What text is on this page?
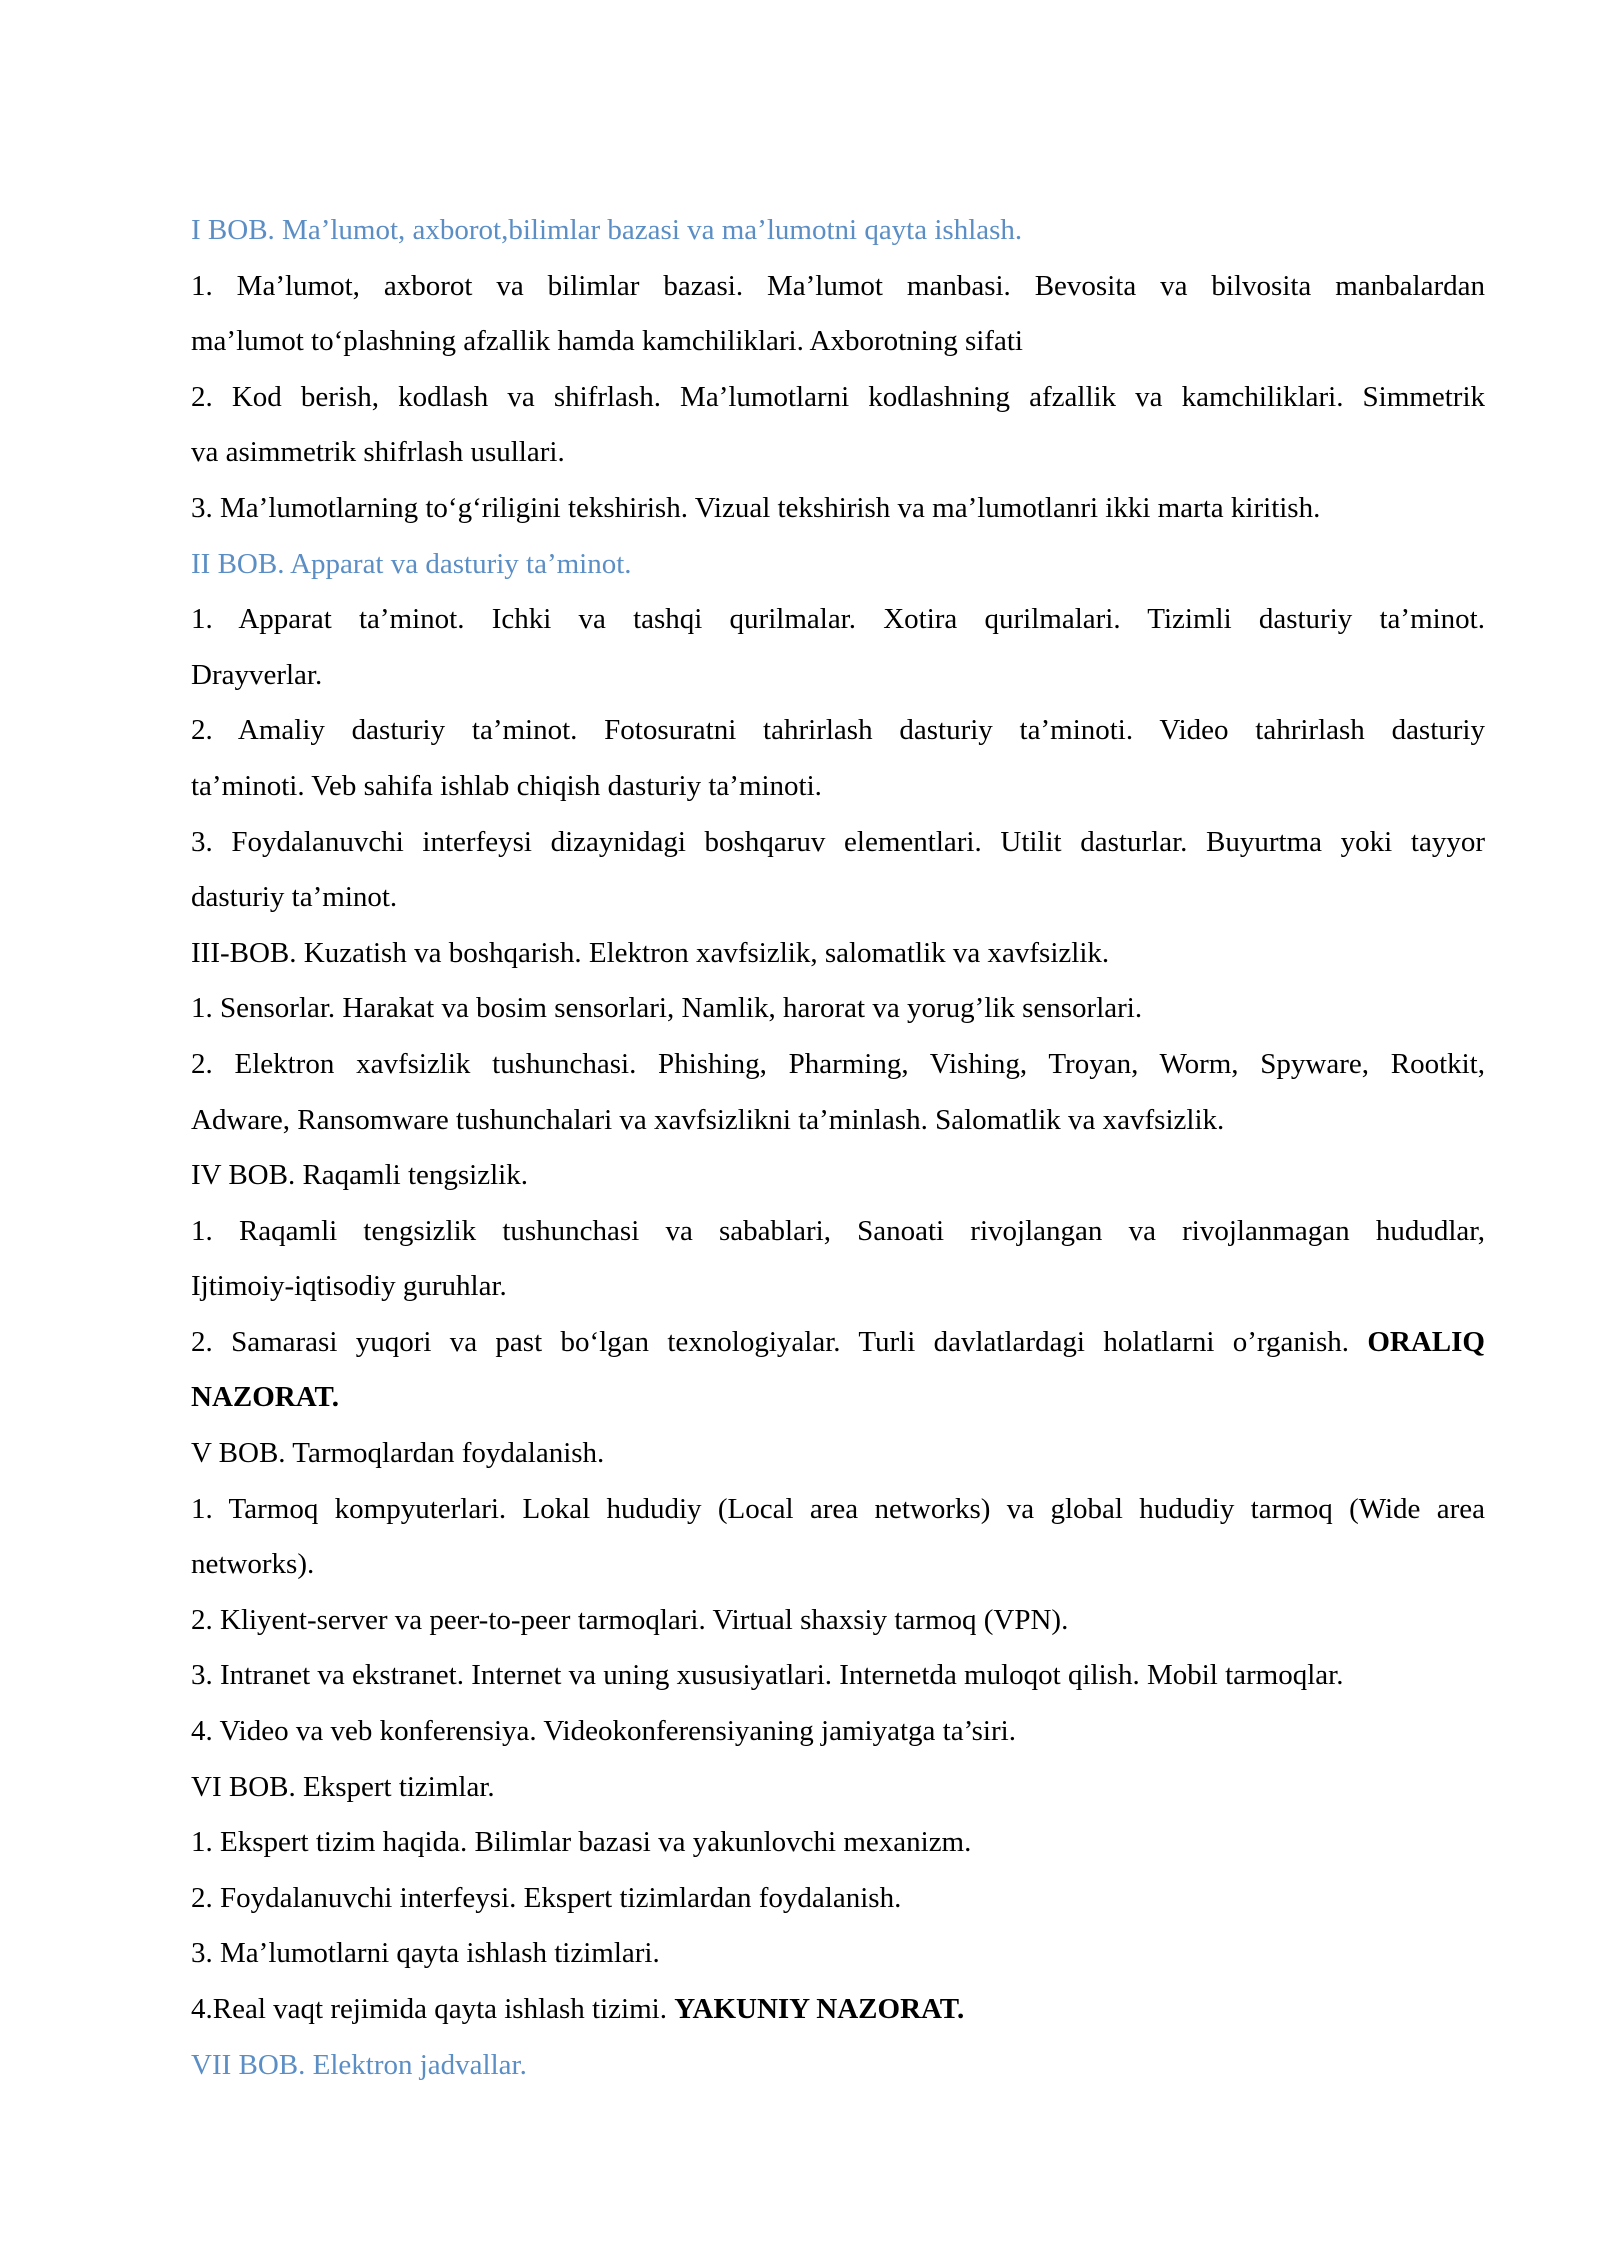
I BOB. Ma’lumot, axborot,bilimlar bazasi va ma’lumotni qayta ishlash.
1. Ma’lumot, axborot va bilimlar bazasi. Ma’lumot manbasi. Bevosita va bilvosita manbalardan
ma’lumot to‘plashning afzallik hamda kamchiliklari. Axborotning sifati
2. Kod berish, kodlash va shifrlash. Ma’lumotlarni kodlashning afzallik va kamchiliklari. Simmetrik
va asimmetrik shifrlash usullari.
3. Ma’lumotlarning to‘g‘riligini tekshirish. Vizual tekshirish va ma’lumotlanri ikki marta kiritish.
II BOB. Apparat va dasturiy ta’minot.
1. Apparat ta’minot. Ichki va tashqi qurilmalar. Xotira qurilmalari. Tizimli dasturiy ta’minot.
Drayverlar.
2. Amaliy dasturiy ta’minot. Fotosuratni tahrirlash dasturiy ta’minoti. Video tahrirlash dasturiy
ta’minoti. Veb sahifa ishlab chiqish dasturiy ta’minoti.
3. Foydalanuvchi interfeysi dizaynidagi boshqaruv elementlari. Utilit dasturlar. Buyurtma yoki tayyor
dasturiy ta’minot.
III-BOB. Kuzatish va boshqarish. Elektron xavfsizlik, salomatlik va xavfsizlik.
1. Sensorlar. Harakat va bosim sensorlari, Namlik, harorat va yorug’lik sensorlari.
2. Elektron xavfsizlik tushunchasi. Phishing, Pharming, Vishing, Troyan, Worm, Spyware, Rootkit,
Adware, Ransomware tushunchalari va xavfsizlikni ta’minlash. Salomatlik va xavfsizlik.
IV BOB. Raqamli tengsizlik.
1. Raqamli tengsizlik tushunchasi va sabablari, Sanoati rivojlangan va rivojlanmagan hududlar,
Ijtimoiy-iqtisodiy guruhlar.
2. Samarasi yuqori va past bo‘lgan texnologiyalar. Turli davlatlardagi holatlarni o’rganish. ORALIQ
NAZORAT.
V BOB. Tarmoqlardan foydalanish.
1. Tarmoq kompyuterlari. Lokal hududiy (Local area networks) va global hududiy tarmoq (Wide area
networks).
2. Kliyent-server va peer-to-peer tarmoqlari. Virtual shaxsiy tarmoq (VPN).
3. Intranet va ekstranet. Internet va uning xususiyatlari. Internetda muloqot qilish. Mobil tarmoqlar.
4. Video va veb konferensiya. Videokonferensiyaning jamiyatga ta’siri.
VI BOB. Ekspert tizimlar.
1. Ekspert tizim haqida. Bilimlar bazasi va yakunlovchi mexanizm.
2. Foydalanuvchi interfeysi. Ekspert tizimlardan foydalanish.
3. Ma’lumotlarni qayta ishlash tizimlari.
4.Real vaqt rejimida qayta ishlash tizimi. YAKUNIY NAZORAT.
VII BOB. Elektron jadvallar.
